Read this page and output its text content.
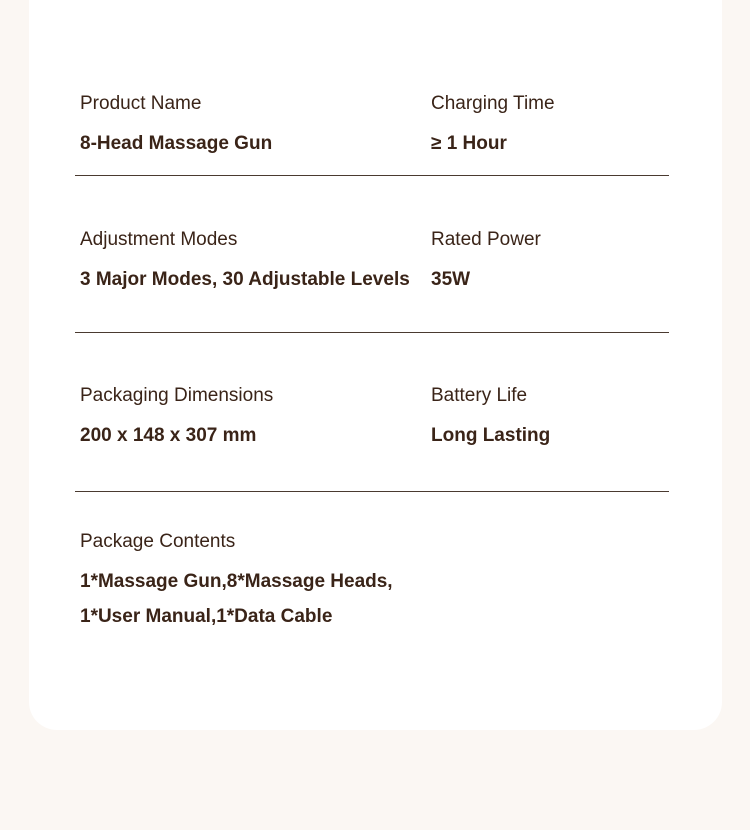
Product Name
8-Head Massage Gun
Charging Time
≥ 1 Hour
Adjustment Modes
3 Major Modes, 30 Adjustable Levels
Rated Power
35W
Packaging Dimensions
200 x 148 x 307 mm
Battery Life
Long Lasting
Package Contents
1*Massage Gun,8*Massage Heads,
1*User Manual,1*Data Cable
